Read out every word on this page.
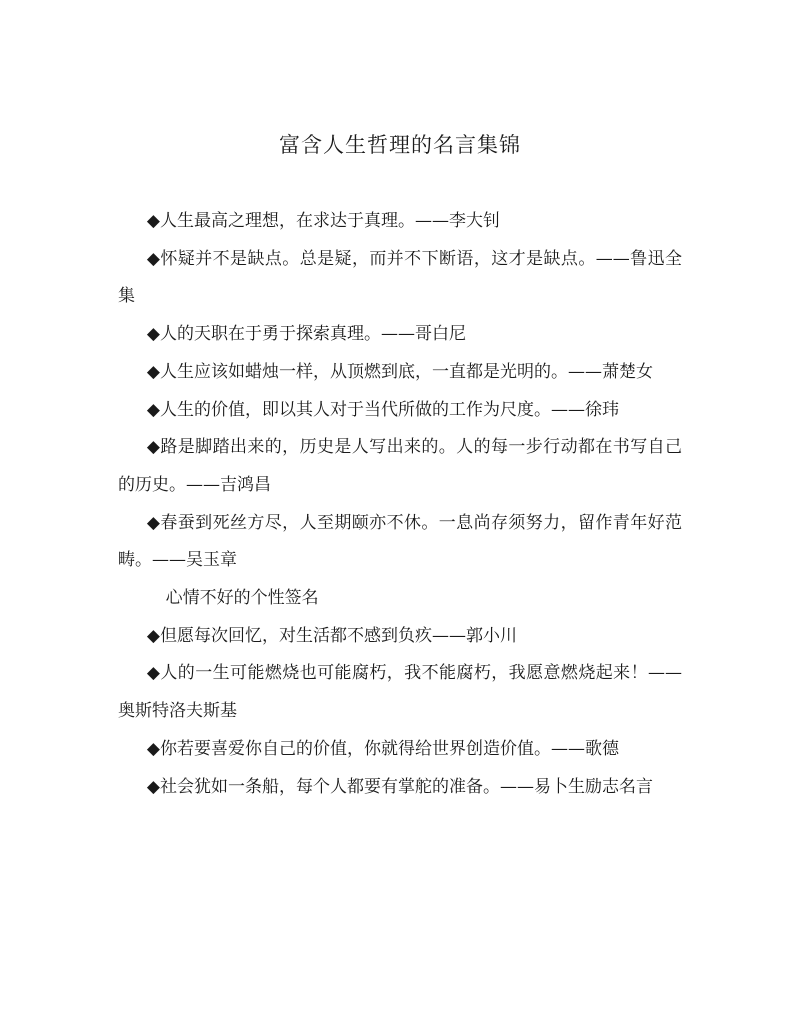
富含人生哲理的名言集锦

◆人生最高之理想，在求达于真理。——李大钊

◆怀疑并不是缺点。总是疑，而并不下断语，这才是缺点。——鲁迅全集

◆人的天职在于勇于探索真理。——哥白尼

◆人生应该如蜡烛一样，从顶燃到底，一直都是光明的。——萧楚女

◆人生的价值，即以其人对于当代所做的工作为尺度。——徐玮

◆路是脚踏出来的，历史是人写出来的。人的每一步行动都在书写自己的历史。——吉鸿昌

◆春蚕到死丝方尽，人至期颐亦不休。一息尚存须努力，留作青年好范畴。——吴玉章

心情不好的个性签名

◆但愿每次回忆，对生活都不感到负疚——郭小川

◆人的一生可能燃烧也可能腐朽，我不能腐朽，我愿意燃烧起来！——奥斯特洛夫斯基

◆你若要喜爱你自己的价值，你就得给世界创造价值。——歌德

◆社会犹如一条船，每个人都要有掌舵的准备。——易卜生励志名言
